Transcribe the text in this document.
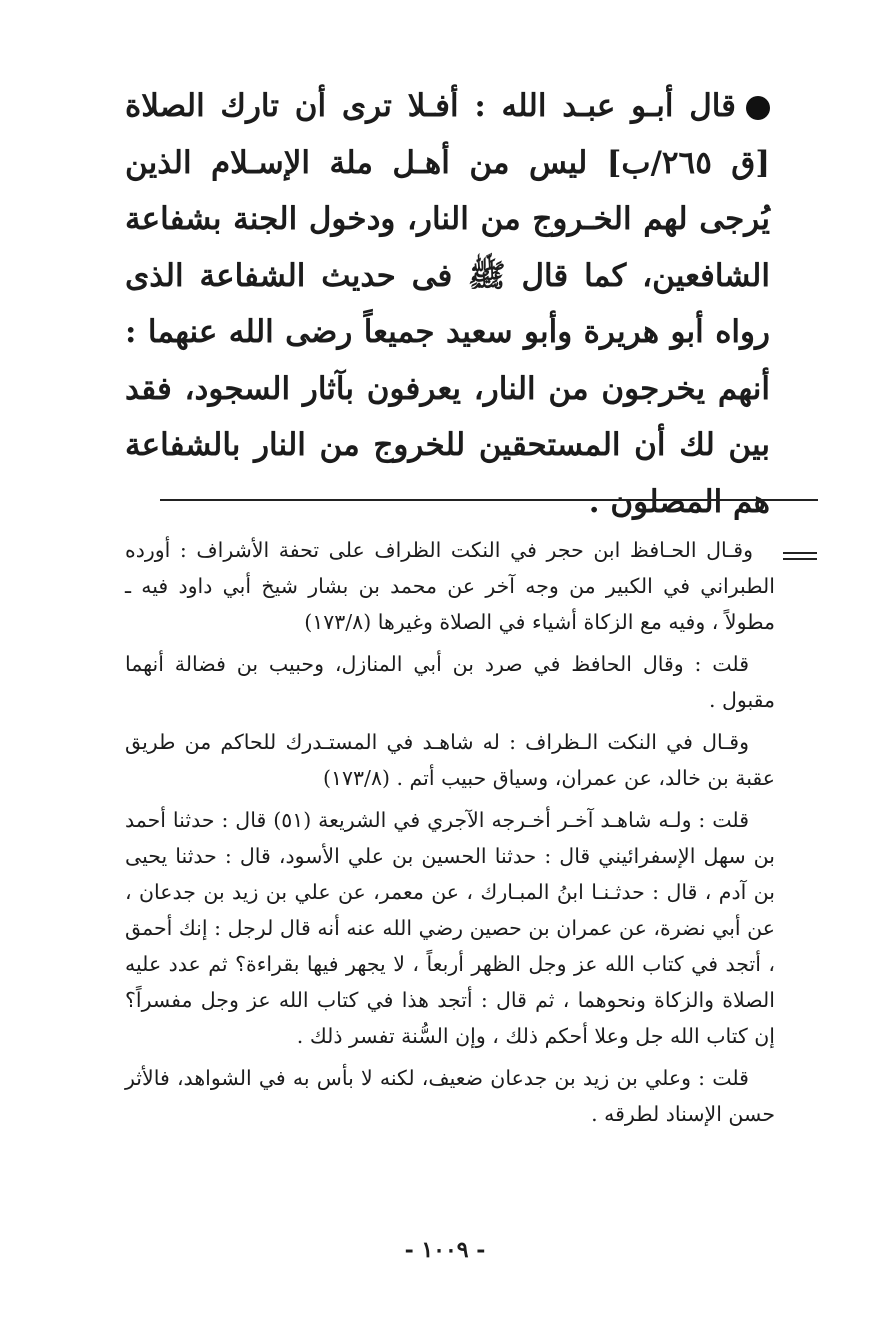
قال أبـو عبـد الله : أفـلا ترى أن تارك الصلاة [ق ٢٦٥/ب] ليس من أهـل ملة الإسـلام الذين يُرجى لهم الخـروج من النار، ودخول الجنة بشفاعة الشافعين، كما قال ﷺ فى حديث الشفاعة الذى رواه أبو هريرة وأبو سعيد جميعاً رضى الله عنهما : أنهم يخرجون من النار، يعرفون بآثار السجود، فقد بين لك أن المستحقين للخروج من النار بالشفاعة هم المصلون .

وقـال الحـافظ ابن حجر في النكت الظراف على تحفة الأشراف : أورده الطبراني في الكبير من وجه آخر عن محمد بن بشار شيخ أبي داود فيه ـ مطولاً ، وفيه مع الزكاة أشياء في الصلاة وغيرها (١٧٣/٨)

قلت : وقال الحافظ في صرد بن أبي المنازل، وحبيب بن فضالة أنهما مقبول .

وقـال في النكت الـظراف : له شاهـد في المستـدرك للحاكم من طريق عقبة بن خالد، عن عمران، وسياق حبيب أتم . (١٧٣/٨)

قلت : ولـه شاهـد آخـر أخـرجه الآجري في الشريعة (٥١) قال : حدثنا أحمد بن سهل الإسفرائيني قال : حدثنا الحسين بن علي الأسود، قال : حدثنا يحيى بن آدم ، قال : حدثـنـا ابنُ المبـارك ، عن معمر، عن علي بن زيد بن جدعان ، عن أبي نضرة، عن عمران بن حصين رضي الله عنه أنه قال لرجل : إنك أحمق ، أتجد في كتاب الله عز وجل الظهر أربعاً ، لا يجهر فيها بقراءة؟ ثم عدد عليه الصلاة والزكاة ونحوهما ، ثم قال : أتجد هذا في كتاب الله عز وجل مفسراً؟ إن كتاب الله جل وعلا أحكم ذلك ، وإن السُّنة تفسر ذلك .

قلت : وعلي بن زيد بن جدعان ضعيف، لكنه لا بأس به في الشواهد، فالأثر حسن الإسناد لطرقه .

- ١٠٠٩ -
